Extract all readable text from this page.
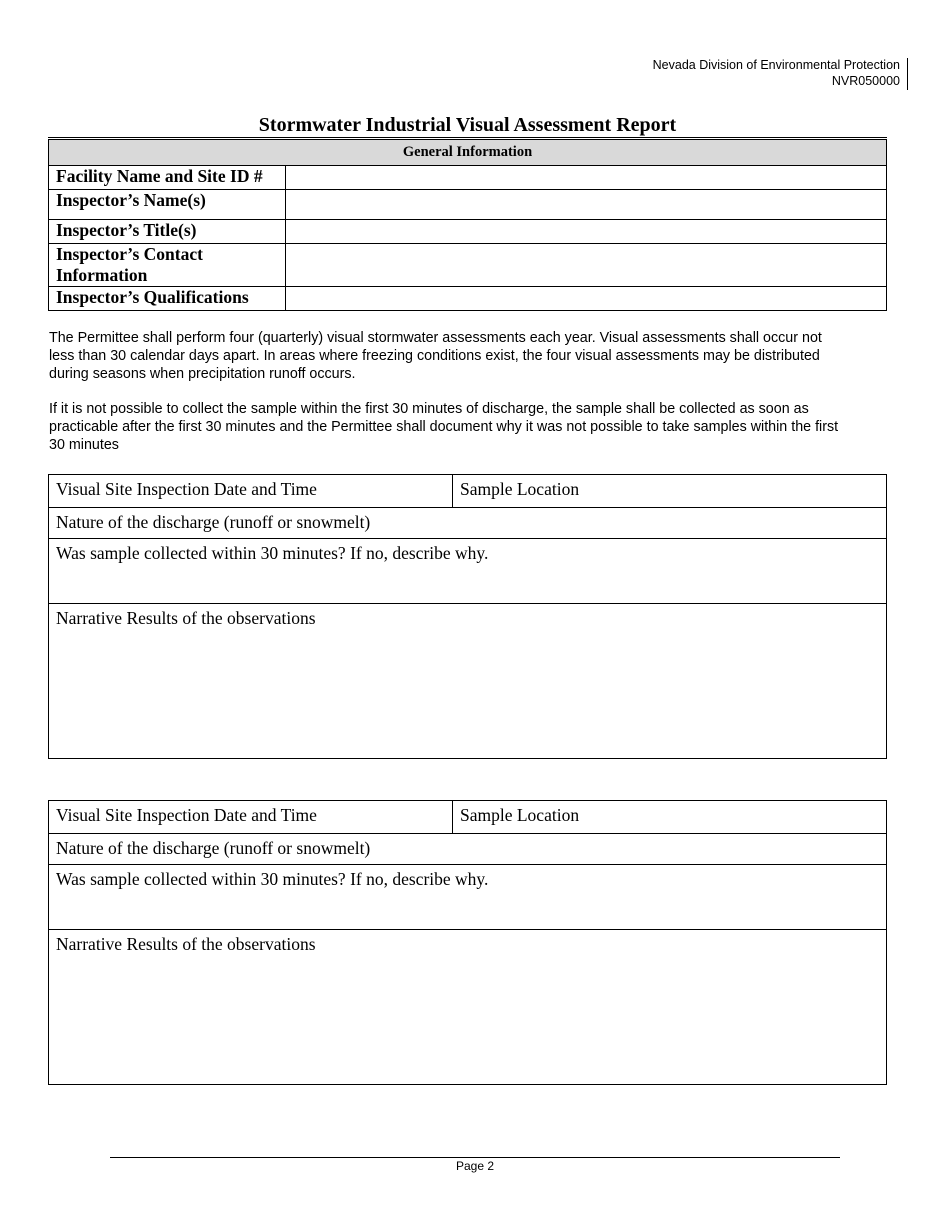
Nevada Division of Environmental Protection
NVR050000
Stormwater Industrial Visual Assessment Report
General Information	
Facility Name and Site ID #	
Inspector’s Name(s)	
Inspector’s Title(s)	
Inspector’s Contact Information	
Inspector’s Qualifications	

The Permittee shall perform four (quarterly) visual stormwater assessments each year. Visual assessments shall occur not less than 30 calendar days apart. In areas where freezing conditions exist, the four visual assessments may be distributed during seasons when precipitation runoff occurs.

If it is not possible to collect the sample within the first 30 minutes of discharge, the sample shall be collected as soon as practicable after the first 30 minutes and the Permittee shall document why it was not possible to take samples within the first 30 minutes

Visual Site Inspection Date and Time	Sample Location
Nature of the discharge (runoff or snowmelt)
Was sample collected within 30 minutes? If no, describe why.
Narrative Results of the observations
Visual Site Inspection Date and Time	Sample Location
Nature of the discharge (runoff or snowmelt)
Was sample collected within 30 minutes? If no, describe why.
Narrative Results of the observations
Page 2
